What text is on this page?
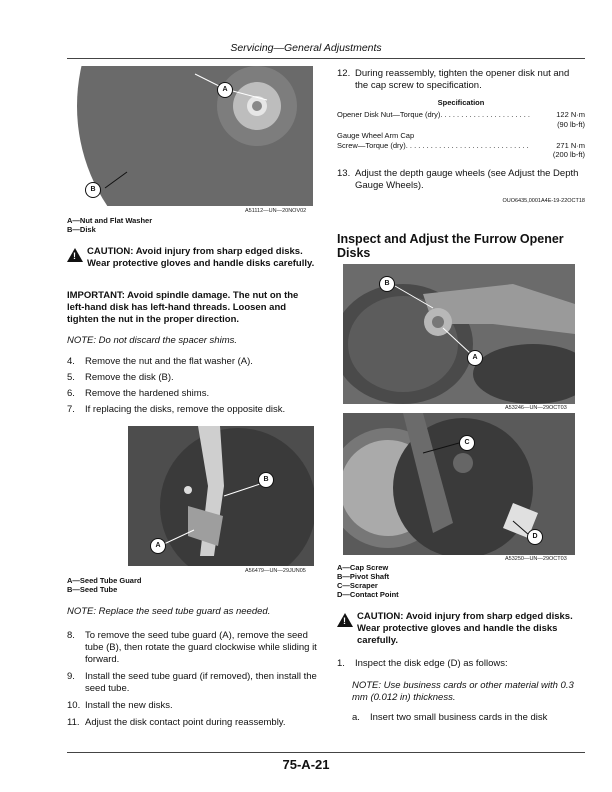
Servicing—General Adjustments
A
B
A51112—UN—20NOV02
A—Nut and Flat Washer
B—Disk
! CAUTION: Avoid injury from sharp edged disks. Wear protective gloves and handle disks carefully.
IMPORTANT: Avoid spindle damage. The nut on the left-hand disk has left-hand threads. Loosen and tighten the nut in the proper direction.
NOTE: Do not discard the spacer shims.
4.	Remove the nut and the flat washer (A).
5.	Remove the disk (B).
6.	Remove the hardened shims.
7.	If replacing the disks, remove the opposite disk.
B
A
A56479—UN—29JUN05
A—Seed Tube Guard
B—Seed Tube
NOTE: Replace the seed tube guard as needed.
8.	To remove the seed tube guard (A), remove the seed tube (B), then rotate the guard clockwise while sliding it forward.
9.	Install the seed tube guard (if removed), then install the seed tube.
10. Install the new disks.
11. Adjust the disk contact point during reassembly.
12. During reassembly, tighten the opener disk nut and the cap screw to specification.
Specification
Opener Disk Nut—Torque (dry). . . . . . . . . . . . . . . . . . . . . .	122 N·m
(90 lb-ft)
Gauge Wheel Arm Cap
Screw—Torque (dry). . . . . . . . . . . . . . . . . . . . . . . . . . . . . .	271 N·m
(200 lb-ft)
13. Adjust the depth gauge wheels (see Adjust the Depth Gauge Wheels).
OUO6435,0001A4E-19-22OCT18
Inspect and Adjust the Furrow Opener Disks
B
A
A53246—UN—29OCT03
C
D
A53250—UN—29OCT03
A—Cap Screw
B—Pivot Shaft
C—Scraper
D—Contact Point
! CAUTION: Avoid injury from sharp edged disks. Wear protective gloves and handle the disks carefully.
1.	Inspect the disk edge (D) as follows:
NOTE: Use business cards or other material with 0.3 mm (0.012 in) thickness.
a.	Insert two small business cards in the disk
75-A-21
